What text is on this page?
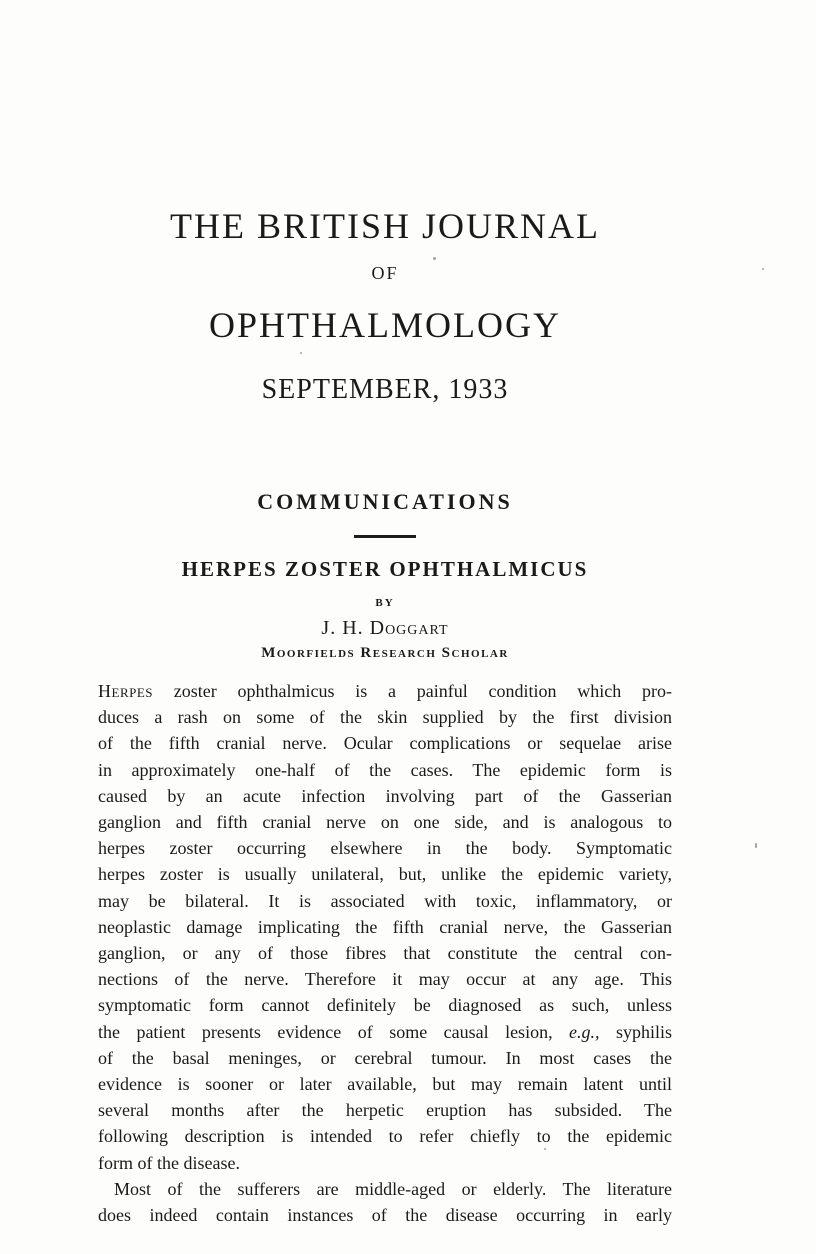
THE BRITISH JOURNAL
OF
OPHTHALMOLOGY
SEPTEMBER, 1933
COMMUNICATIONS
HERPES ZOSTER OPHTHALMICUS
BY
J. H. Doggart
Moorfields Research Scholar
Herpes zoster ophthalmicus is a painful condition which pro-
duces a rash on some of the skin supplied by the first division
of the fifth cranial nerve. Ocular complications or sequelae arise
in approximately one-half of the cases. The epidemic form is
caused by an acute infection involving part of the Gasserian
ganglion and fifth cranial nerve on one side, and is analogous to
herpes zoster occurring elsewhere in the body. Symptomatic
herpes zoster is usually unilateral, but, unlike the epidemic variety,
may be bilateral. It is associated with toxic, inflammatory, or
neoplastic damage implicating the fifth cranial nerve, the Gasserian
ganglion, or any of those fibres that constitute the central con-
nections of the nerve. Therefore it may occur at any age. This
symptomatic form cannot definitely be diagnosed as such, unless
the patient presents evidence of some causal lesion, e.g., syphilis
of the basal meninges, or cerebral tumour. In most cases the
evidence is sooner or later available, but may remain latent until
several months after the herpetic eruption has subsided. The
following description is intended to refer chiefly to the epidemic
form of the disease.
Most of the sufferers are middle-aged or elderly. The literature
does indeed contain instances of the disease occurring in early
